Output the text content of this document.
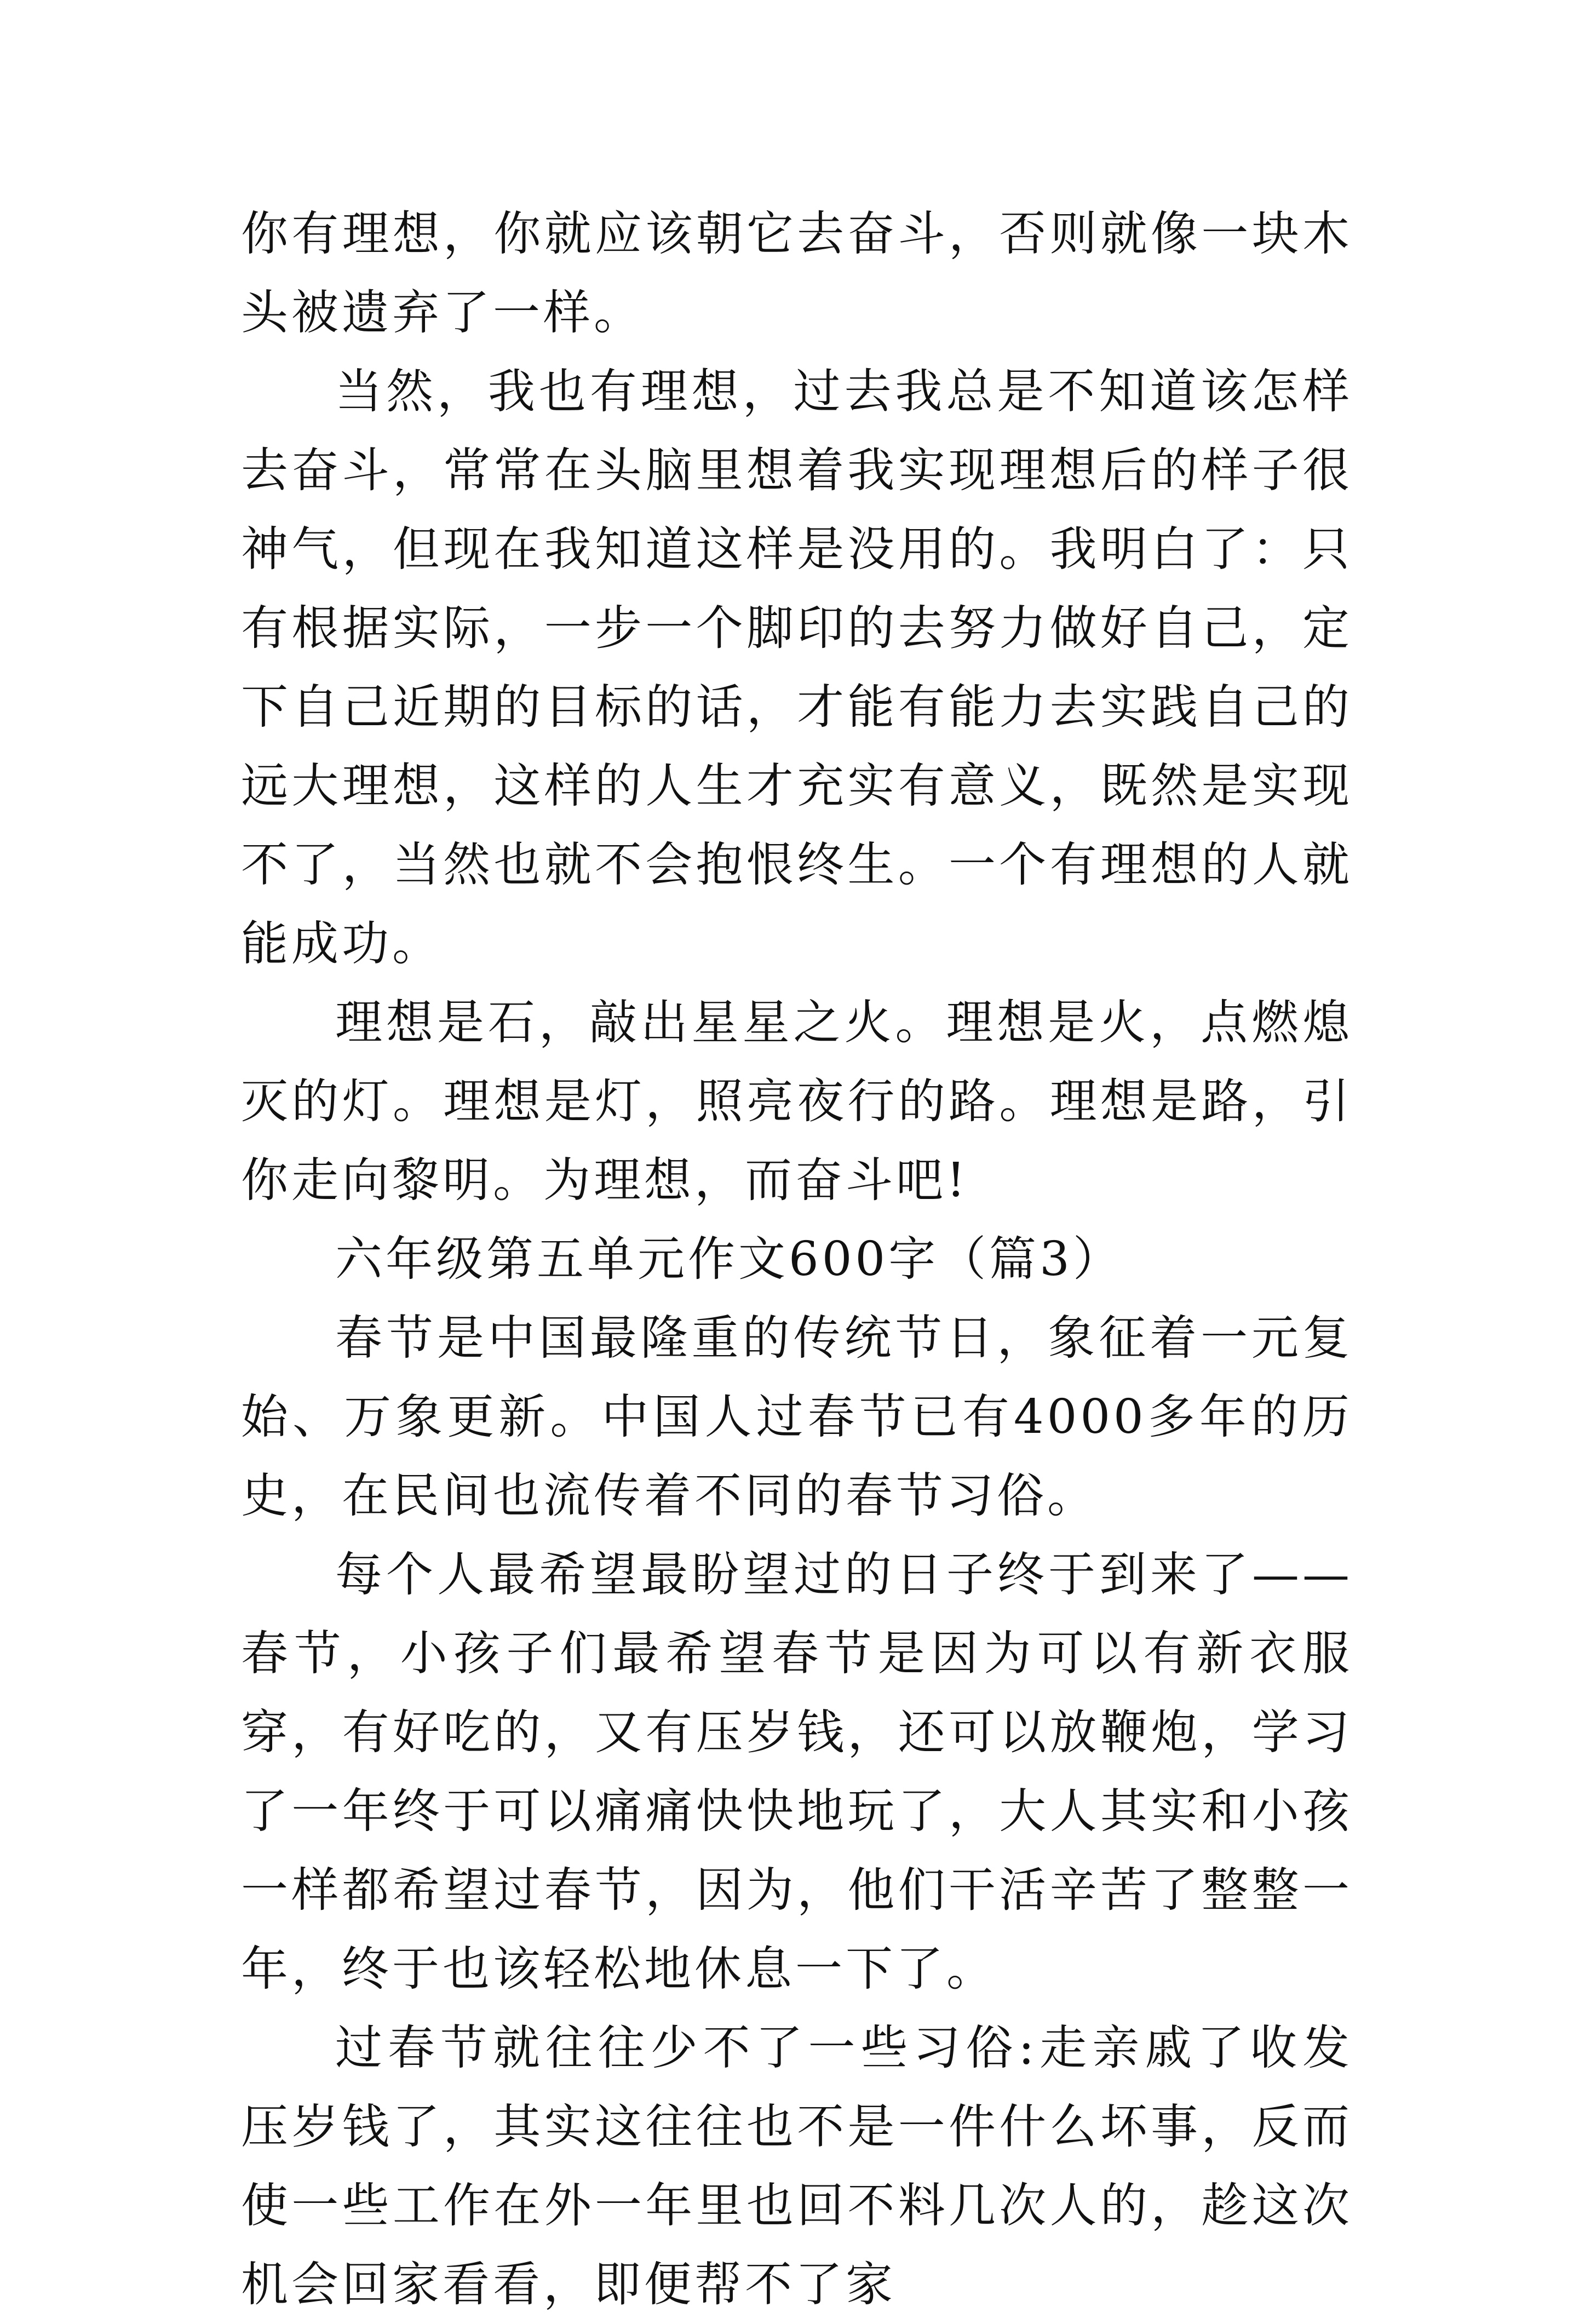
你有理想，你就应该朝它去奋斗，否则就像一块木头被遗弃了一样。

当然，我也有理想，过去我总是不知道该怎样去奋斗，常常在头脑里想着我实现理想后的样子很神气，但现在我知道这样是没用的。我明白了：只有根据实际，一步一个脚印的去努力做好自己，定下自己近期的目标的话，才能有能力去实践自己的远大理想，这样的人生才充实有意义，既然是实现不了，当然也就不会抱恨终生。一个有理想的人就能成功。

理想是石，敲出星星之火。理想是火，点燃熄灭的灯。理想是灯，照亮夜行的路。理想是路，引你走向黎明。为理想，而奋斗吧!

六年级第五单元作文600字（篇3）

春节是中国最隆重的传统节日，象征着一元复始、万象更新。中国人过春节已有4000多年的历史，在民间也流传着不同的春节习俗。

每个人最希望最盼望过的日子终于到来了——春节，小孩子们最希望春节是因为可以有新衣服穿，有好吃的，又有压岁钱，还可以放鞭炮，学习了一年终于可以痛痛快快地玩了，大人其实和小孩一样都希望过春节，因为，他们干活辛苦了整整一年，终于也该轻松地休息一下了。

过春节就往往少不了一些习俗:走亲戚了收发压岁钱了，其实这往往也不是一件什么坏事，反而使一些工作在外一年里也回不料几次人的，趁这次机会回家看看，即便帮不了家
